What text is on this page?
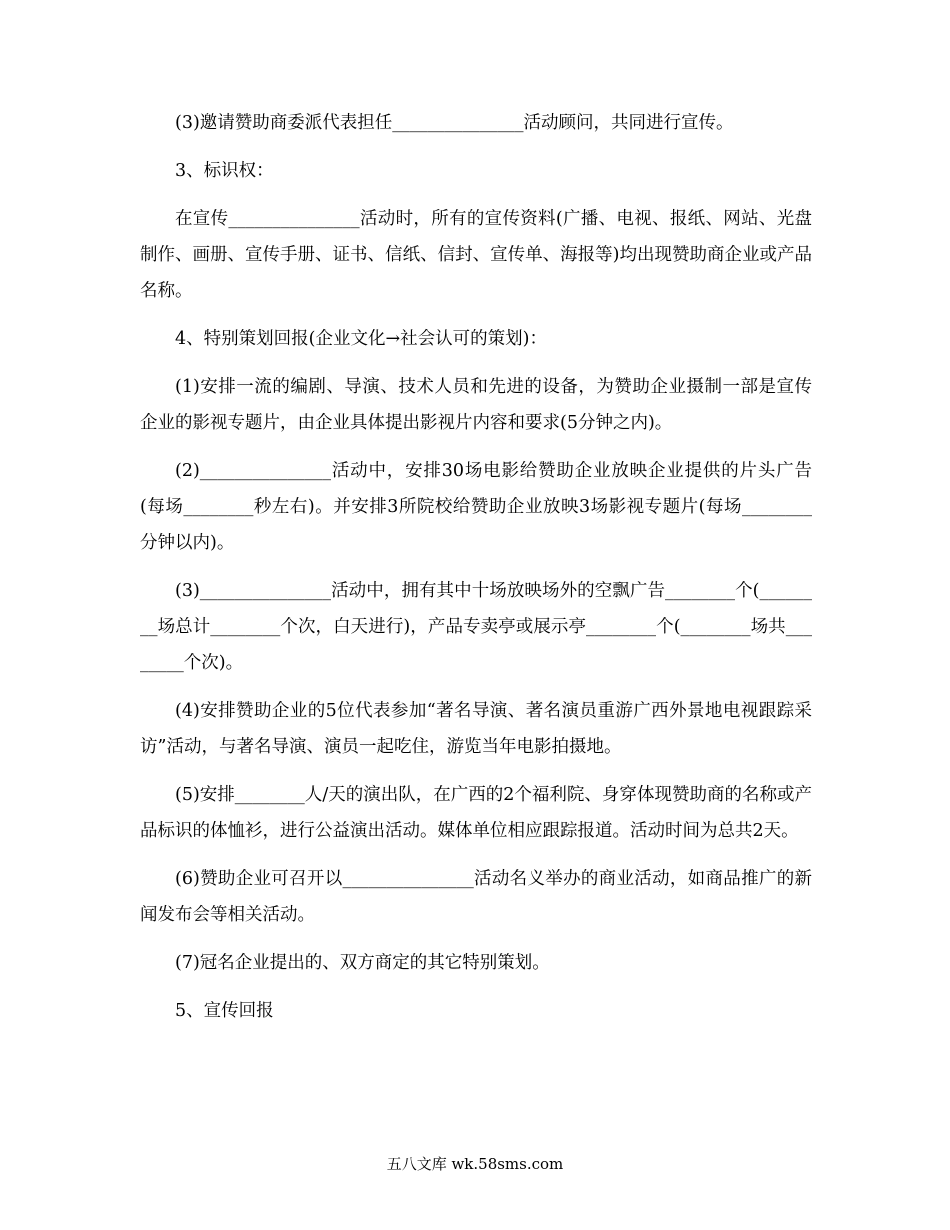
(3)邀请赞助商委派代表担任_______________活动顾问，共同进行宣传。

3、标识权：

在宣传_______________活动时，所有的宣传资料(广播、电视、报纸、网站、光盘制作、画册、宣传手册、证书、信纸、信封、宣传单、海报等)均出现赞助商企业或产品名称。

4、特别策划回报(企业文化→社会认可的策划)：

(1)安排一流的编剧、导演、技术人员和先进的设备，为赞助企业摄制一部是宣传企业的影视专题片，由企业具体提出影视片内容和要求(5分钟之内)。

(2)_______________活动中，安排30场电影给赞助企业放映企业提供的片头广告(每场________秒左右)。并安排3所院校给赞助企业放映3场影视专题片(每场________分钟以内)。

(3)_______________活动中，拥有其中十场放映场外的空飘广告________个(________场总计________个次，白天进行)，产品专卖亭或展示亭________个(________场共________个次)。

(4)安排赞助企业的5位代表参加“著名导演、著名演员重游广西外景地电视跟踪采访”活动，与著名导演、演员一起吃住，游览当年电影拍摄地。

(5)安排________人/天的演出队，在广西的2个福利院、身穿体现赞助商的名称或产品标识的体恤衫，进行公益演出活动。媒体单位相应跟踪报道。活动时间为总共2天。

(6)赞助企业可召开以_______________活动名义举办的商业活动，如商品推广的新闻发布会等相关活动。

(7)冠名企业提出的、双方商定的其它特别策划。

5、宣传回报

五八文库 wk.58sms.com
